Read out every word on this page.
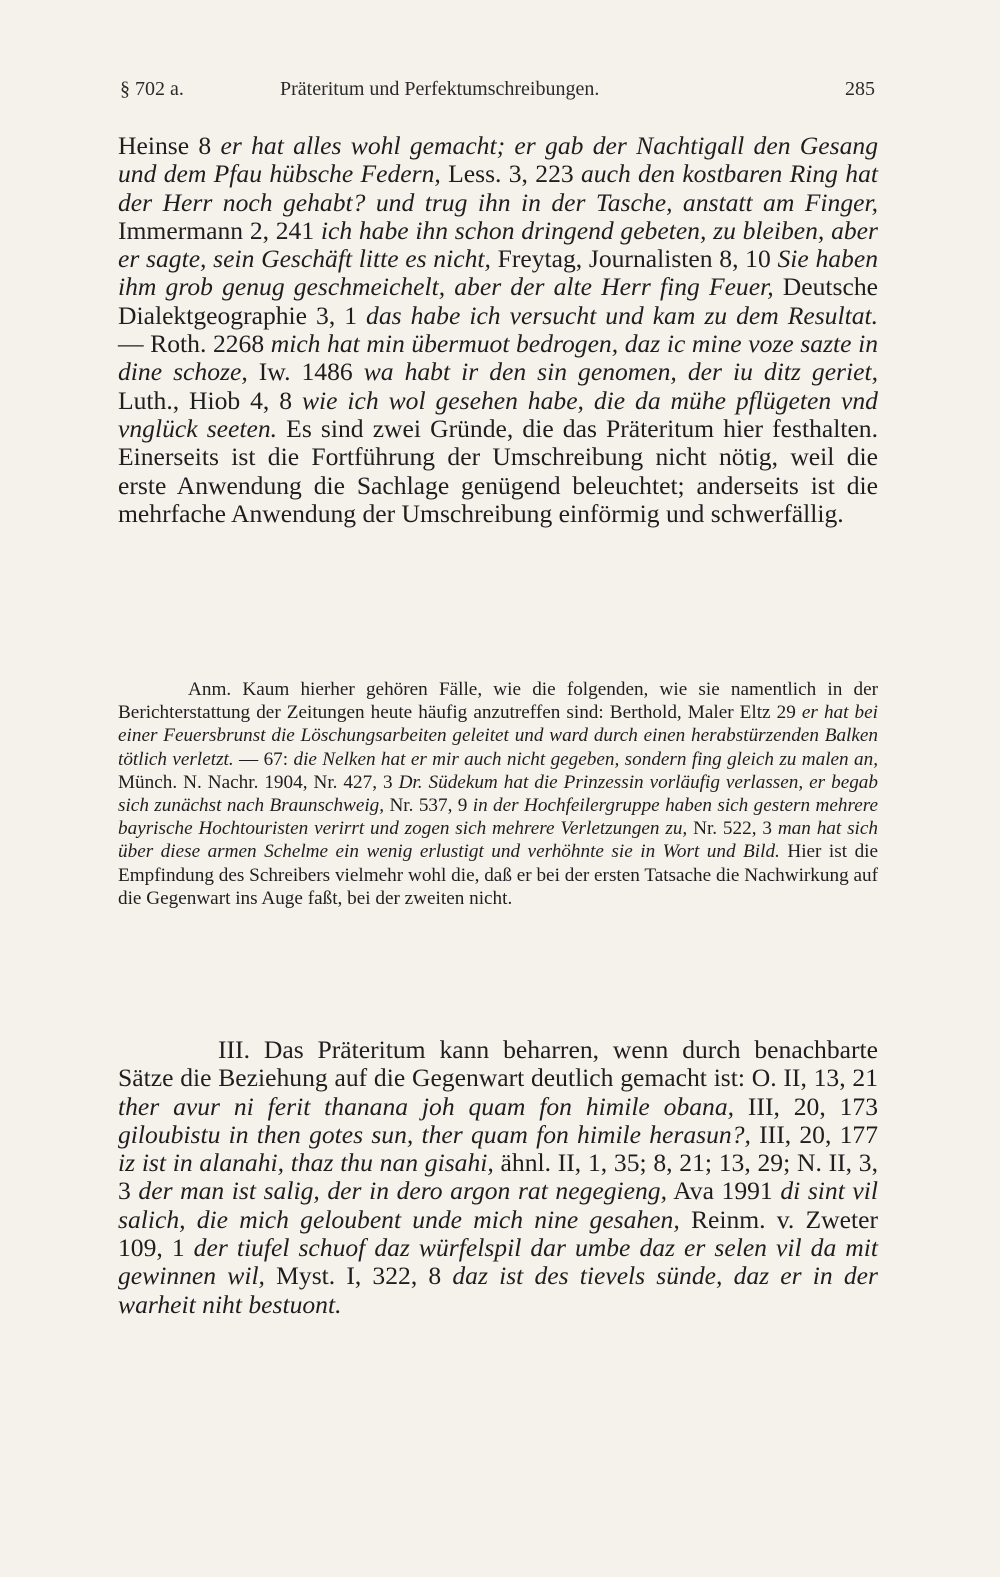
§ 702 a.	Präteritum und Perfektumschreibungen.	285
Heinse 8 er hat alles wohl gemacht; er gab der Nachtigall den Gesang und dem Pfau hübsche Federn, Less. 3, 223 auch den kostbaren Ring hat der Herr noch gehabt? und trug ihn in der Tasche, anstatt am Finger, Immermann 2, 241 ich habe ihn schon dringend gebeten, zu bleiben, aber er sagte, sein Geschäft litte es nicht, Freytag, Journalisten 8, 10 Sie haben ihm grob genug geschmeichelt, aber der alte Herr fing Feuer, Deutsche Dialektgeographie 3, 1 das habe ich versucht und kam zu dem Resultat. — Roth. 2268 mich hat min übermuot bedrogen, daz ic mine voze sazte in dine schoze, Iw. 1486 wa habt ir den sin genomen, der iu ditz geriet, Luth., Hiob 4, 8 wie ich wol gesehen habe, die da mühe pflügeten vnd vnglück seeten. Es sind zwei Gründe, die das Präteritum hier festhalten. Einerseits ist die Fortführung der Umschreibung nicht nötig, weil die erste Anwendung die Sachlage genügend beleuchtet; anderseits ist die mehrfache Anwendung der Umschreibung einförmig und schwerfällig.
Anm. Kaum hierher gehören Fälle, wie die folgenden, wie sie namentlich in der Berichterstattung der Zeitungen heute häufig anzutreffen sind: Berthold, Maler Eltz 29 er hat bei einer Feuersbrunst die Löschungsarbeiten geleitet und ward durch einen herabstürzenden Balken tötlich verletzt. — 67: die Nelken hat er mir auch nicht gegeben, sondern fing gleich zu malen an, Münch. N. Nachr. 1904, Nr. 427, 3 Dr. Südekum hat die Prinzessin vorläufig verlassen, er begab sich zunächst nach Braunschweig, Nr. 537, 9 in der Hochfeilergruppe haben sich gestern mehrere bayrische Hochtouristen verirrt und zogen sich mehrere Verletzungen zu, Nr. 522, 3 man hat sich über diese armen Schelme ein wenig erlustigt und verhöhnte sie in Wort und Bild. Hier ist die Empfindung des Schreibers vielmehr wohl die, daß er bei der ersten Tatsache die Nachwirkung auf die Gegenwart ins Auge faßt, bei der zweiten nicht.
III. Das Präteritum kann beharren, wenn durch benachbarte Sätze die Beziehung auf die Gegenwart deutlich gemacht ist: O. II, 13, 21 ther avur ni ferit thanana joh quam fon himile obana, III, 20, 173 giloubistu in then gotes sun, ther quam fon himile herasun?, III, 20, 177 iz ist in alanahi, thaz thu nan gisahi, ähnl. II, 1, 35; 8, 21; 13, 29; N. II, 3, 3 der man ist salig, der in dero argon rat negegieng, Ava 1991 di sint vil salich, die mich geloubent unde mich nine gesahen, Reinm. v. Zweter 109, 1 der tiufel schuof daz würfelspil dar umbe daz er selen vil da mit gewinnen wil, Myst. I, 322, 8 daz ist des tievels sünde, daz er in der warheit niht bestuont.
